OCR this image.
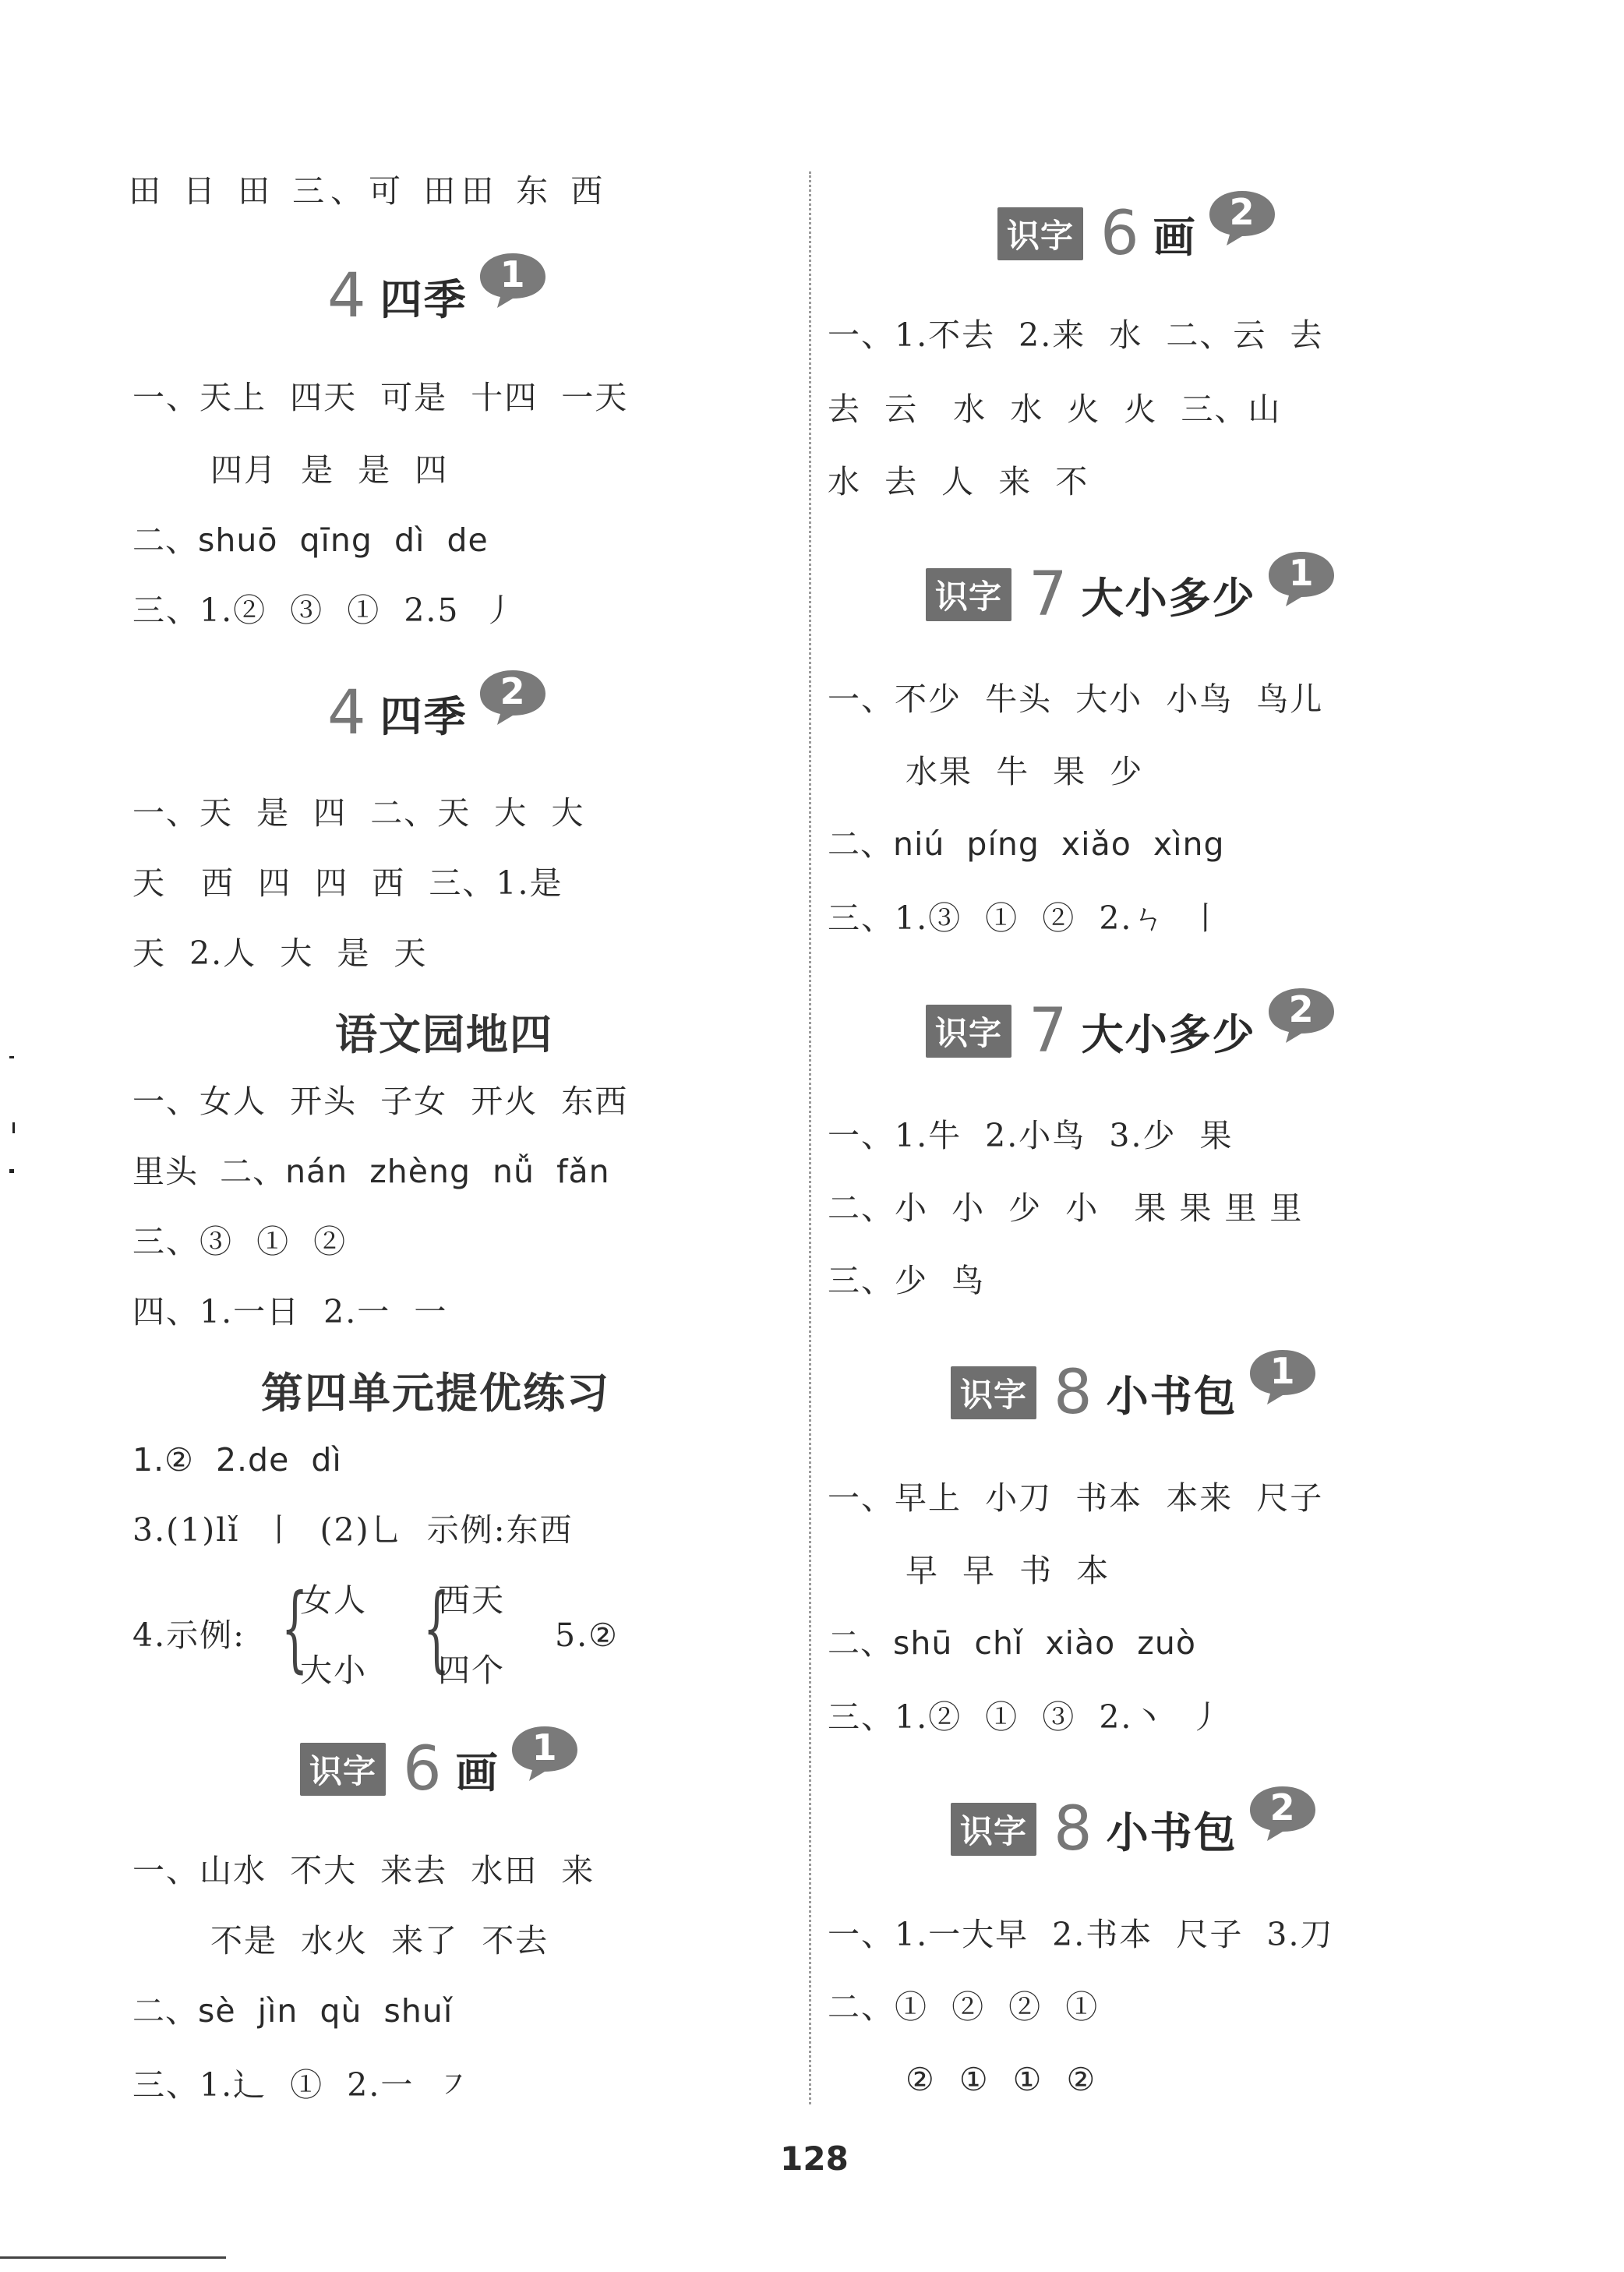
田 日 田 三、可 田田 东 西
4 四季
1
一、天上  四天  可是  十四  一天
四月  是  是  四
二、shuō  qīng  dì  de
三、1.②  ③  ①  2.5  丿
4 四季
2
一、天  是  四  二、天  大  大
天   西  四  四  西  三、1.是
天  2.人  大  是  天
语文园地四
一、女人  开头  子女  开火  东西
里头  二、nán  zhèng  nǚ  fǎn
三、③  ①  ②
四、1.一日  2.一  一
第四单元提优练习
1.②  2.de  dì
3.(1)lǐ  丨  (2)乚  示例:东西
4.示例: {
女人
大小 {
西天
四个
5.②
识字 6 画
1
一、山水  不大  来去  水田  来
不是  水火  来了  不去
二、sè  jìn  qù  shuǐ
三、1.辶  ①  2.一  ㇇
识字 6 画
2
一、1.不去  2.来  水  二、云  去
去  云   水  水  火  火  三、山
水  去  人  来  不
识字 7 大小多少
1
一、不少  牛头  大小  小鸟  鸟儿
水果  牛  果  少
二、niú  píng  xiǎo  xìng
三、1.③  ①  ②  2.ㄣ  丨
识字 7 大小多少
2
一、1.牛  2.小鸟  3.少  果
二、小  小  少  小   果 果 里 里
三、少  鸟
识字 8 小书包
1
一、早上  小刀  书本  本来  尺子
早  早  书  本
二、shū  chǐ  xiào  zuò
三、1.②  ①  ③  2.丶  丿
识字 8 小书包
2
一、1.一大早  2.书本  尺子  3.刀
二、①  ②  ②  ①
②  ①  ①  ②
128
